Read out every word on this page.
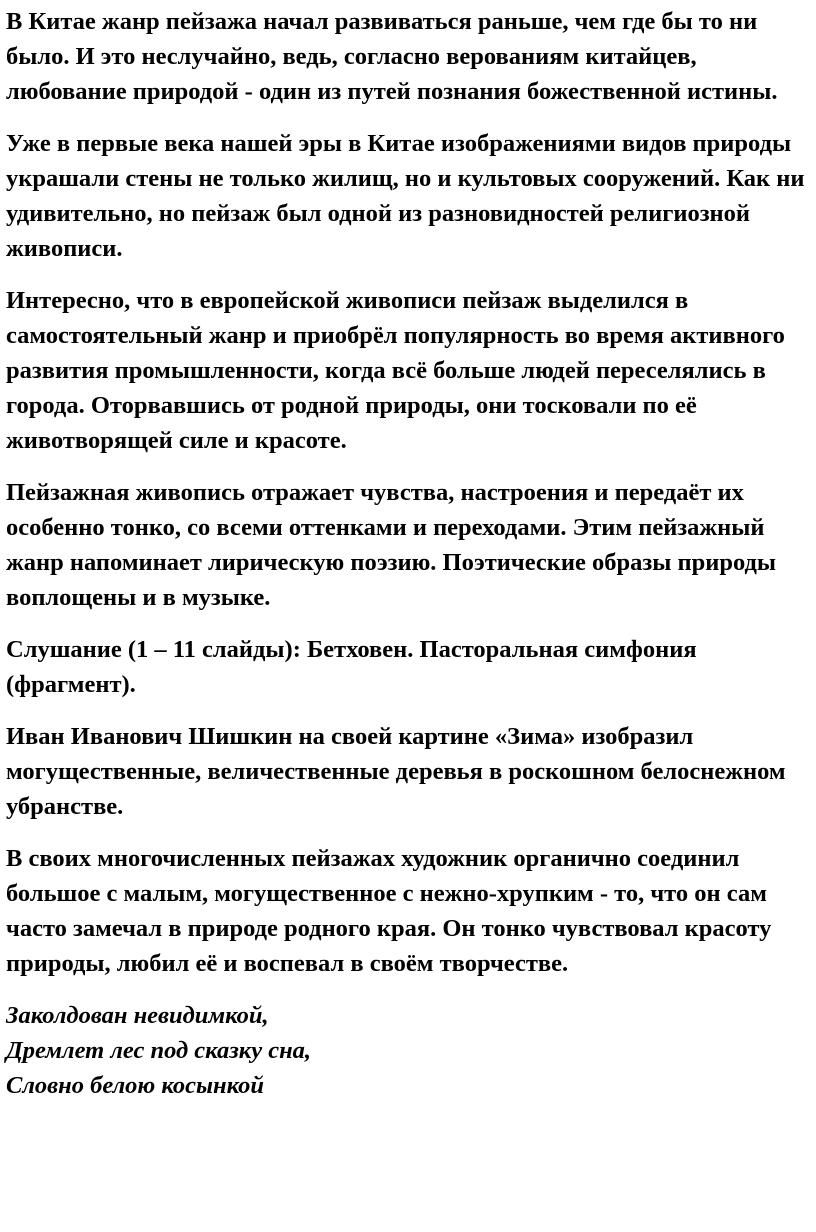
В Китае жанр пейзажа начал развиваться раньше, чем где бы то ни было. И это неслучайно, ведь, согласно верованиям китайцев, любование природой - один из путей познания божественной истины.

Уже в первые века нашей эры в Китае изображениями видов природы украшали стены не только жилищ, но и культовых сооружений. Как ни удивительно, но пейзаж был одной из разновидностей религиозной живописи.

Интересно, что в европейской живописи пейзаж выделился в самостоятельный жанр и приобрёл популярность во время активного развития промышленности, когда всё больше людей переселялись в города. Оторвавшись от родной природы, они тосковали по её животворящей силе и красоте.

Пейзажная живопись отражает чувства, настроения и передаёт их особенно тонко, со всеми оттенками и переходами. Этим пейзажный жанр напоминает лирическую поэзию. Поэтические образы природы воплощены и в музыке.

Слушание (1 – 11 слайды): Бетховен. Пасторальная симфония (фрагмент).

Иван Иванович Шишкин на своей картине «Зима» изобразил могущественные, величественные деревья в роскошном белоснежном убранстве.

В своих многочисленных пейзажах художник органично соединил большое с малым, могущественное с нежно-хрупким - то, что он сам часто замечал в природе родного края. Он тонко чувствовал красоту природы, любил её и воспевал в своём творчестве.

Заколдован невидимкой,
Дремлет лес под сказку сна,
Словно белою косынкой
